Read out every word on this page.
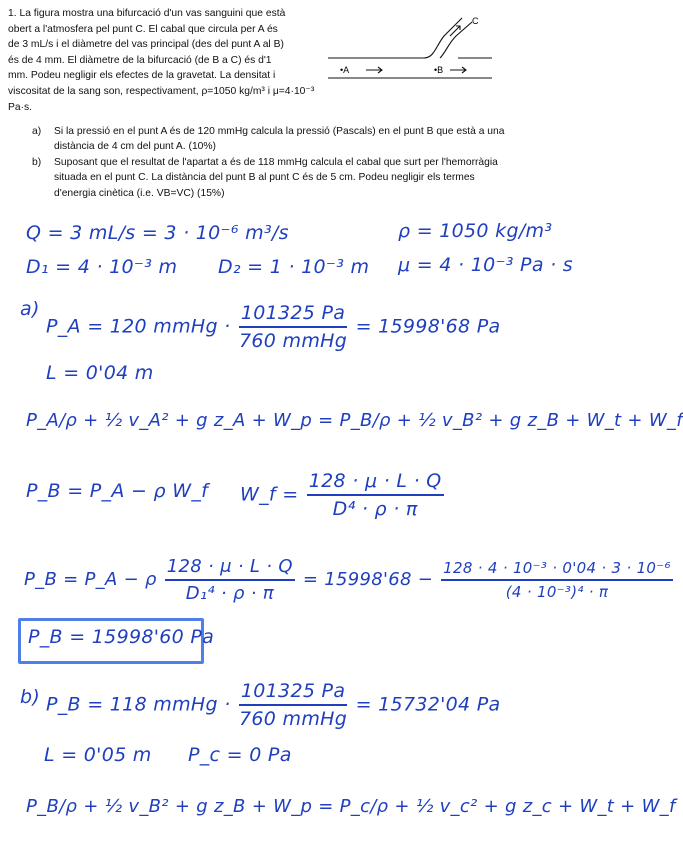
1. La figura mostra una bifurcació d'un vas sanguini que està
obert a l'atmosfera pel punt C. El cabal que circula per A és
de 3 mL/s i el diàmetre del vas principal (des del punt A al B)
és de 4 mm. El diàmetre de la bifurcació (de B a C) és d'1
mm. Podeu negligir els efectes de la gravetat. La densitat i
viscositat de la sang son, respectivament, ρ=1050 kg/m³ i μ=4·10⁻³ Pa·s.
•A	•B
C
a) Si la pressió en el punt A és de 120 mmHg calcula la pressió (Pascals) en el punt B que està a una distància de 4 cm del punt A. (10%)
b) Suposant que el resultat de l'apartat a és de 118 mmHg calcula el cabal que surt per l'hemorràgia situada en el punt C. La distància del punt B al punt C és de 5 cm. Podeu negligir els termes d'energia cinètica (i.e. VB=VC) (15%)
Q = 3 mL/s = 3 · 10⁻⁶ m³/s	ρ = 1050 kg/m³
D₁ = 4 · 10⁻³ m D₂ = 1 · 10⁻³ m μ = 4 · 10⁻³ Pa · s
a)
P_A = 120 mmHg · $\frac{101325 Pa}{\text{760 mmHg}} = 15998'68$ Pa
L = 0'04 m
P_A/ρ + ½ v_A² + g z_A + W_p = P_B/ρ + ½ v_B² + g z_B + W_t + W_f
P_B = P_A − ρ W_f W_f = $\frac{128 \cdot \mu \cdot L \cdot Q}{\text{D⁴ · ρ · π}}$
P_B = P_A − ρ $\frac{128 \cdot \mu \cdot L \cdot Q}{\text{D₁⁴ · ρ · π}} = 15998'68 - \frac{\text{128 · 4 · 10⁻³ · 0'04 · 3 · 10⁻⁶}}{\text{(4 · 10⁻³)⁴ · π}}$
P_B = 15998'60 Pa
b) P_B = 118 mmHg · $\frac{101325 Pa}{\text{760 mmHg}} = 15732'04$ Pa
L = 0'05 m P_c = 0 Pa
P_B/ρ + ½ v_B² + g z_B + W_p = P_c/ρ + ½ v_c² + g z_c + W_t + W_f
